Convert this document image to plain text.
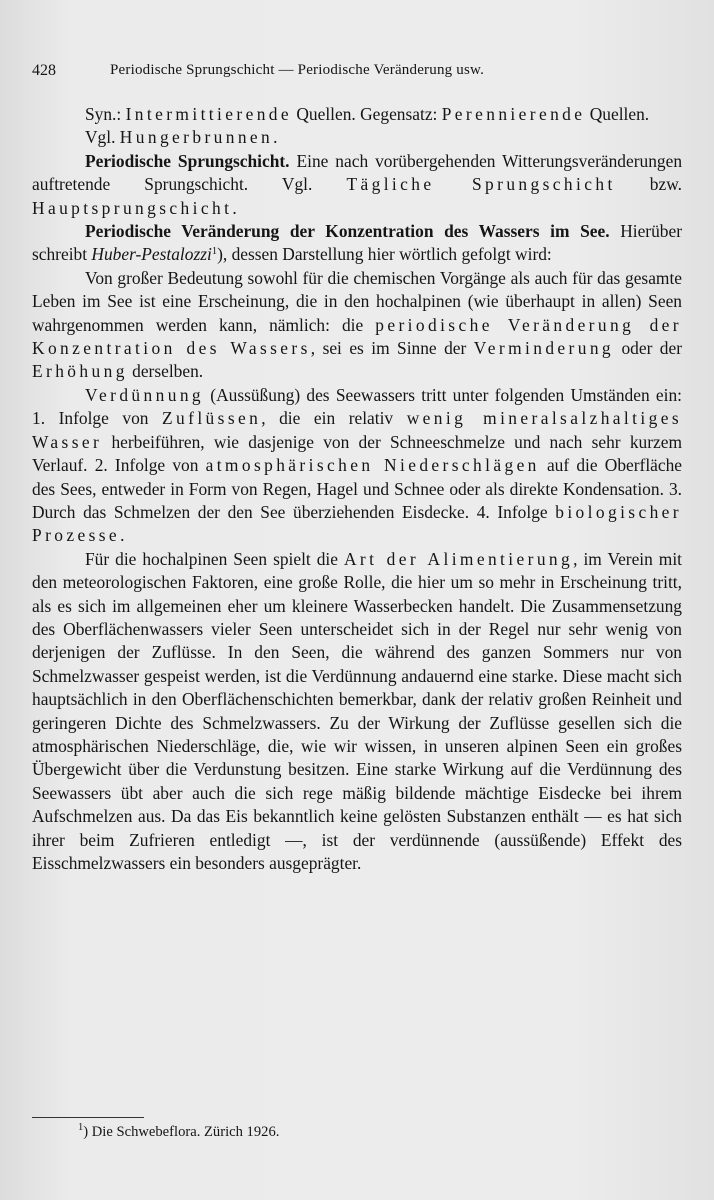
428	Periodische Sprungschicht — Periodische Veränderung usw.

Syn.: Intermittierende Quellen. Gegensatz: Perennierende Quellen.

Vgl. Hungerbrunnen.

Periodische Sprungschicht. Eine nach vorübergehenden Witterungsveränderungen auftretende Sprungschicht. Vgl. Tägliche Sprungschicht bzw. Hauptsprungschicht.

Periodische Veränderung der Konzentration des Wassers im See. Hierüber schreibt Huber-Pestalozzi$^1$), dessen Darstellung hier wörtlich gefolgt wird:

Von großer Bedeutung sowohl für die chemischen Vorgänge als auch für das gesamte Leben im See ist eine Erscheinung, die in den hochalpinen (wie überhaupt in allen) Seen wahrgenommen werden kann, nämlich: die periodische Veränderung der Konzentration des Wassers, sei es im Sinne der Verminderung oder der Erhöhung derselben.

Verdünnung (Aussüßung) des Seewassers tritt unter folgenden Umständen ein: 1. Infolge von Zuflüssen, die ein relativ wenig mineralsalzhaltiges Wasser herbeiführen, wie dasjenige von der Schneeschmelze und nach sehr kurzem Verlauf. 2. Infolge von atmosphärischen Niederschlägen auf die Oberfläche des Sees, entweder in Form von Regen, Hagel und Schnee oder als direkte Kondensation. 3. Durch das Schmelzen der den See überziehenden Eisdecke. 4. Infolge biologischer Prozesse.

Für die hochalpinen Seen spielt die Art der Alimentierung, im Verein mit den meteorologischen Faktoren, eine große Rolle, die hier um so mehr in Erscheinung tritt, als es sich im allgemeinen eher um kleinere Wasserbecken handelt. Die Zusammensetzung des Oberflächenwassers vieler Seen unterscheidet sich in der Regel nur sehr wenig von derjenigen der Zuflüsse. In den Seen, die während des ganzen Sommers nur von Schmelzwasser gespeist werden, ist die Verdünnung andauernd eine starke. Diese macht sich hauptsächlich in den Oberflächenschichten bemerkbar, dank der relativ großen Reinheit und geringeren Dichte des Schmelzwassers. Zu der Wirkung der Zuflüsse gesellen sich die atmosphärischen Niederschläge, die, wie wir wissen, in unseren alpinen Seen ein großes Übergewicht über die Verdunstung besitzen. Eine starke Wirkung auf die Verdünnung des Seewassers übt aber auch die sich rege mäßig bildende mächtige Eisdecke bei ihrem Aufschmelzen aus. Da das Eis bekanntlich keine gelösten Substanzen enthält — es hat sich ihrer beim Zufrieren entledigt —, ist der verdünnende (aussüßende) Effekt des Eisschmelzwassers ein besonders ausgeprägter.

$^1$) Die Schwebeflora. Zürich 1926.
